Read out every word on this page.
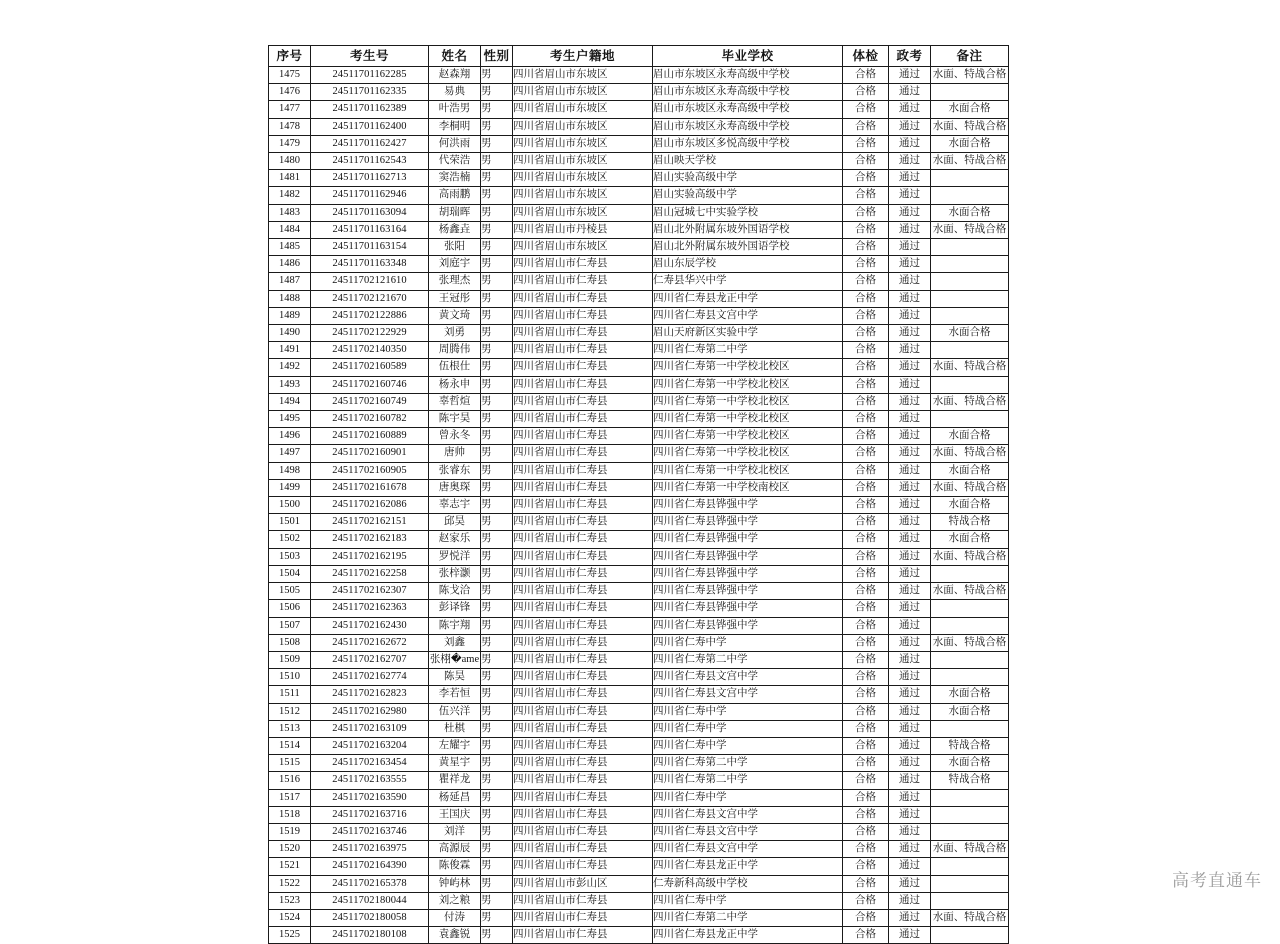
序号	考生号	姓名	性别	考生户籍地	毕业学校	体检	政考	备注
1475	24511701162285	赵森翔	男	四川省眉山市东坡区	眉山市东坡区永寿高级中学校	合格	通过	水面、特战合格
1476	24511701162335	易典	男	四川省眉山市东坡区	眉山市东坡区永寿高级中学校	合格	通过	
1477	24511701162389	叶浩男	男	四川省眉山市东坡区	眉山市东坡区永寿高级中学校	合格	通过	水面合格
1478	24511701162400	李桐明	男	四川省眉山市东坡区	眉山市东坡区永寿高级中学校	合格	通过	水面、特战合格
1479	24511701162427	何洪雨	男	四川省眉山市东坡区	眉山市东坡区多悦高级中学校	合格	通过	水面合格
1480	24511701162543	代荣浩	男	四川省眉山市东坡区	眉山映天学校	合格	通过	水面、特战合格
1481	24511701162713	窦浩楠	男	四川省眉山市东坡区	眉山实验高级中学	合格	通过	
1482	24511701162946	高雨鹏	男	四川省眉山市东坡区	眉山实验高级中学	合格	通过	
1483	24511701163094	胡瑞晖	男	四川省眉山市东坡区	眉山冠城七中实验学校	合格	通过	水面合格
1484	24511701163164	杨鑫垚	男	四川省眉山市丹棱县	眉山北外附属东坡外国语学校	合格	通过	水面、特战合格
1485	24511701163154	张阳	男	四川省眉山市东坡区	眉山北外附属东坡外国语学校	合格	通过	
1486	24511701163348	刘庭宇	男	四川省眉山市仁寿县	眉山东辰学校	合格	通过	
1487	24511702121610	张理杰	男	四川省眉山市仁寿县	仁寿县华兴中学	合格	通过	
1488	24511702121670	王冠彤	男	四川省眉山市仁寿县	四川省仁寿县龙正中学	合格	通过	
1489	24511702122886	黄文琦	男	四川省眉山市仁寿县	四川省仁寿县文宫中学	合格	通过	
1490	24511702122929	刘勇	男	四川省眉山市仁寿县	眉山天府新区实验中学	合格	通过	水面合格
1491	24511702140350	周腾伟	男	四川省眉山市仁寿县	四川省仁寿第二中学	合格	通过	
1492	24511702160589	伍根仕	男	四川省眉山市仁寿县	四川省仁寿第一中学校北校区	合格	通过	水面、特战合格
1493	24511702160746	杨永申	男	四川省眉山市仁寿县	四川省仁寿第一中学校北校区	合格	通过	
1494	24511702160749	辜哲煊	男	四川省眉山市仁寿县	四川省仁寿第一中学校北校区	合格	通过	水面、特战合格
1495	24511702160782	陈宇昊	男	四川省眉山市仁寿县	四川省仁寿第一中学校北校区	合格	通过	
1496	24511702160889	曾永冬	男	四川省眉山市仁寿县	四川省仁寿第一中学校北校区	合格	通过	水面合格
1497	24511702160901	唐帅	男	四川省眉山市仁寿县	四川省仁寿第一中学校北校区	合格	通过	水面、特战合格
1498	24511702160905	张睿东	男	四川省眉山市仁寿县	四川省仁寿第一中学校北校区	合格	通过	水面合格
1499	24511702161678	唐奥琛	男	四川省眉山市仁寿县	四川省仁寿第一中学校南校区	合格	通过	水面、特战合格
1500	24511702162086	辜志宇	男	四川省眉山市仁寿县	四川省仁寿县铧强中学	合格	通过	水面合格
1501	24511702162151	邱昊	男	四川省眉山市仁寿县	四川省仁寿县铧强中学	合格	通过	特战合格
1502	24511702162183	赵家乐	男	四川省眉山市仁寿县	四川省仁寿县铧强中学	合格	通过	水面合格
1503	24511702162195	罗悦洋	男	四川省眉山市仁寿县	四川省仁寿县铧强中学	合格	通过	水面、特战合格
1504	24511702162258	张梓灏	男	四川省眉山市仁寿县	四川省仁寿县铧强中学	合格	通过	
1505	24511702162307	陈戈洽	男	四川省眉山市仁寿县	四川省仁寿县铧强中学	合格	通过	水面、特战合格
1506	24511702162363	彭译锋	男	四川省眉山市仁寿县	四川省仁寿县铧强中学	合格	通过	
1507	24511702162430	陈宇翔	男	四川省眉山市仁寿县	四川省仁寿县铧强中学	合格	通过	
1508	24511702162672	刘鑫	男	四川省眉山市仁寿县	四川省仁寿中学	合格	通过	水面、特战合格
1509	24511702162707	张栩�ame	男	四川省眉山市仁寿县	四川省仁寿第二中学	合格	通过	
1510	24511702162774	陈昊	男	四川省眉山市仁寿县	四川省仁寿县文宫中学	合格	通过	
1511	24511702162823	李若恒	男	四川省眉山市仁寿县	四川省仁寿县文宫中学	合格	通过	水面合格
1512	24511702162980	伍兴洋	男	四川省眉山市仁寿县	四川省仁寿中学	合格	通过	水面合格
1513	24511702163109	杜棋	男	四川省眉山市仁寿县	四川省仁寿中学	合格	通过	
1514	24511702163204	左耀宇	男	四川省眉山市仁寿县	四川省仁寿中学	合格	通过	特战合格
1515	24511702163454	黄星宇	男	四川省眉山市仁寿县	四川省仁寿第二中学	合格	通过	水面合格
1516	24511702163555	瞿祥龙	男	四川省眉山市仁寿县	四川省仁寿第二中学	合格	通过	特战合格
1517	24511702163590	杨延昌	男	四川省眉山市仁寿县	四川省仁寿中学	合格	通过	
1518	24511702163716	王国庆	男	四川省眉山市仁寿县	四川省仁寿县文宫中学	合格	通过	
1519	24511702163746	刘洋	男	四川省眉山市仁寿县	四川省仁寿县文宫中学	合格	通过	
1520	24511702163975	高源辰	男	四川省眉山市仁寿县	四川省仁寿县文宫中学	合格	通过	水面、特战合格
1521	24511702164390	陈俊霖	男	四川省眉山市仁寿县	四川省仁寿县龙正中学	合格	通过	
1522	24511702165378	钟屿林	男	四川省眉山市彭山区	仁寿新科高级中学校	合格	通过	
1523	24511702180044	刘之粮	男	四川省眉山市仁寿县	四川省仁寿中学	合格	通过	
1524	24511702180058	付涛	男	四川省眉山市仁寿县	四川省仁寿第二中学	合格	通过	水面、特战合格
1525	24511702180108	袁鑫锐	男	四川省眉山市仁寿县	四川省仁寿县龙正中学	合格	通过	
高考直通车
